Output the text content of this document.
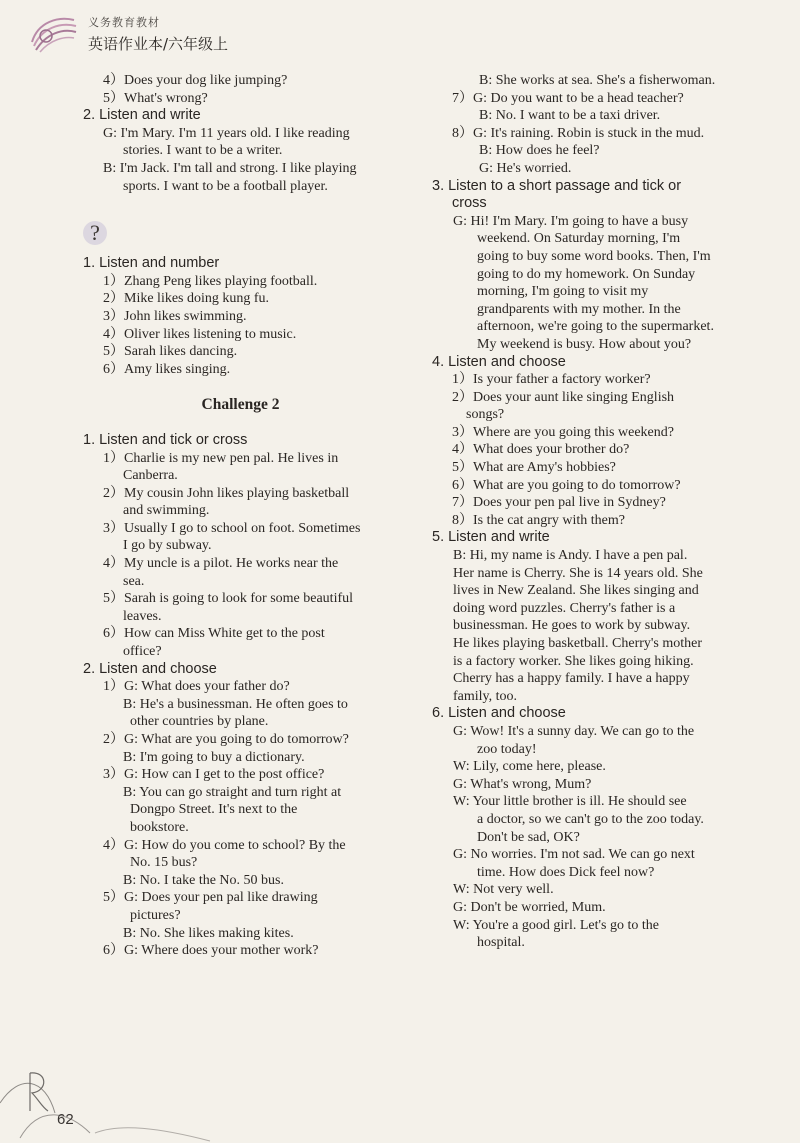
义务教育教材
英语作业本/六年级上
4）Does your dog like jumping?
5）What's wrong?
2. Listen and write
G: I'm Mary. I'm 11 years old. I like reading
stories. I want to be a writer.
B: I'm Jack. I'm tall and strong. I like playing
sports. I want to be a football player.
?
1. Listen and number
1）Zhang Peng likes playing football.
2）Mike likes doing kung fu.
3）John likes swimming.
4）Oliver likes listening to music.
5）Sarah likes dancing.
6）Amy likes singing.
Challenge 2
1. Listen and tick or cross
1）Charlie is my new pen pal. He lives in
Canberra.
2）My cousin John likes playing basketball
and swimming.
3）Usually I go to school on foot. Sometimes
I go by subway.
4）My uncle is a pilot. He works near the
sea.
5）Sarah is going to look for some beautiful
leaves.
6）How can Miss White get to the post
office?
2. Listen and choose
1）G: What does your father do?
B: He's a businessman. He often goes to
other countries by plane.
2）G: What are you going to do tomorrow?
B: I'm going to buy a dictionary.
3）G: How can I get to the post office?
B: You can go straight and turn right at
Dongpo Street. It's next to the
bookstore.
4）G: How do you come to school? By the
No. 15 bus?
B: No. I take the No. 50 bus.
5）G: Does your pen pal like drawing
pictures?
B: No. She likes making kites.
6）G: Where does your mother work?
B: She works at sea. She's a fisherwoman.
7）G: Do you want to be a head teacher?
B: No. I want to be a taxi driver.
8）G: It's raining. Robin is stuck in the mud.
B: How does he feel?
G: He's worried.
3. Listen to a short passage and tick or
cross
G: Hi! I'm Mary. I'm going to have a busy
weekend. On Saturday morning, I'm
going to buy some word books. Then, I'm
going to do my homework. On Sunday
morning, I'm going to visit my
grandparents with my mother. In the
afternoon, we're going to the supermarket.
My weekend is busy. How about you?
4. Listen and choose
1）Is your father a factory worker?
2）Does your aunt like singing English
songs?
3）Where are you going this weekend?
4）What does your brother do?
5）What are Amy's hobbies?
6）What are you going to do tomorrow?
7）Does your pen pal live in Sydney?
8）Is the cat angry with them?
5. Listen and write
B: Hi, my name is Andy. I have a pen pal.
Her name is Cherry. She is 14 years old. She
lives in New Zealand. She likes singing and
doing word puzzles. Cherry's father is a
businessman. He goes to work by subway.
He likes playing basketball. Cherry's mother
is a factory worker. She likes going hiking.
Cherry has a happy family. I have a happy
family, too.
6. Listen and choose
G: Wow! It's a sunny day. We can go to the
zoo today!
W: Lily, come here, please.
G: What's wrong, Mum?
W: Your little brother is ill. He should see
a doctor, so we can't go to the zoo today.
Don't be sad, OK?
G: No worries. I'm not sad. We can go next
time. How does Dick feel now?
W: Not very well.
G: Don't be worried, Mum.
W: You're a good girl. Let's go to the
hospital.
62
